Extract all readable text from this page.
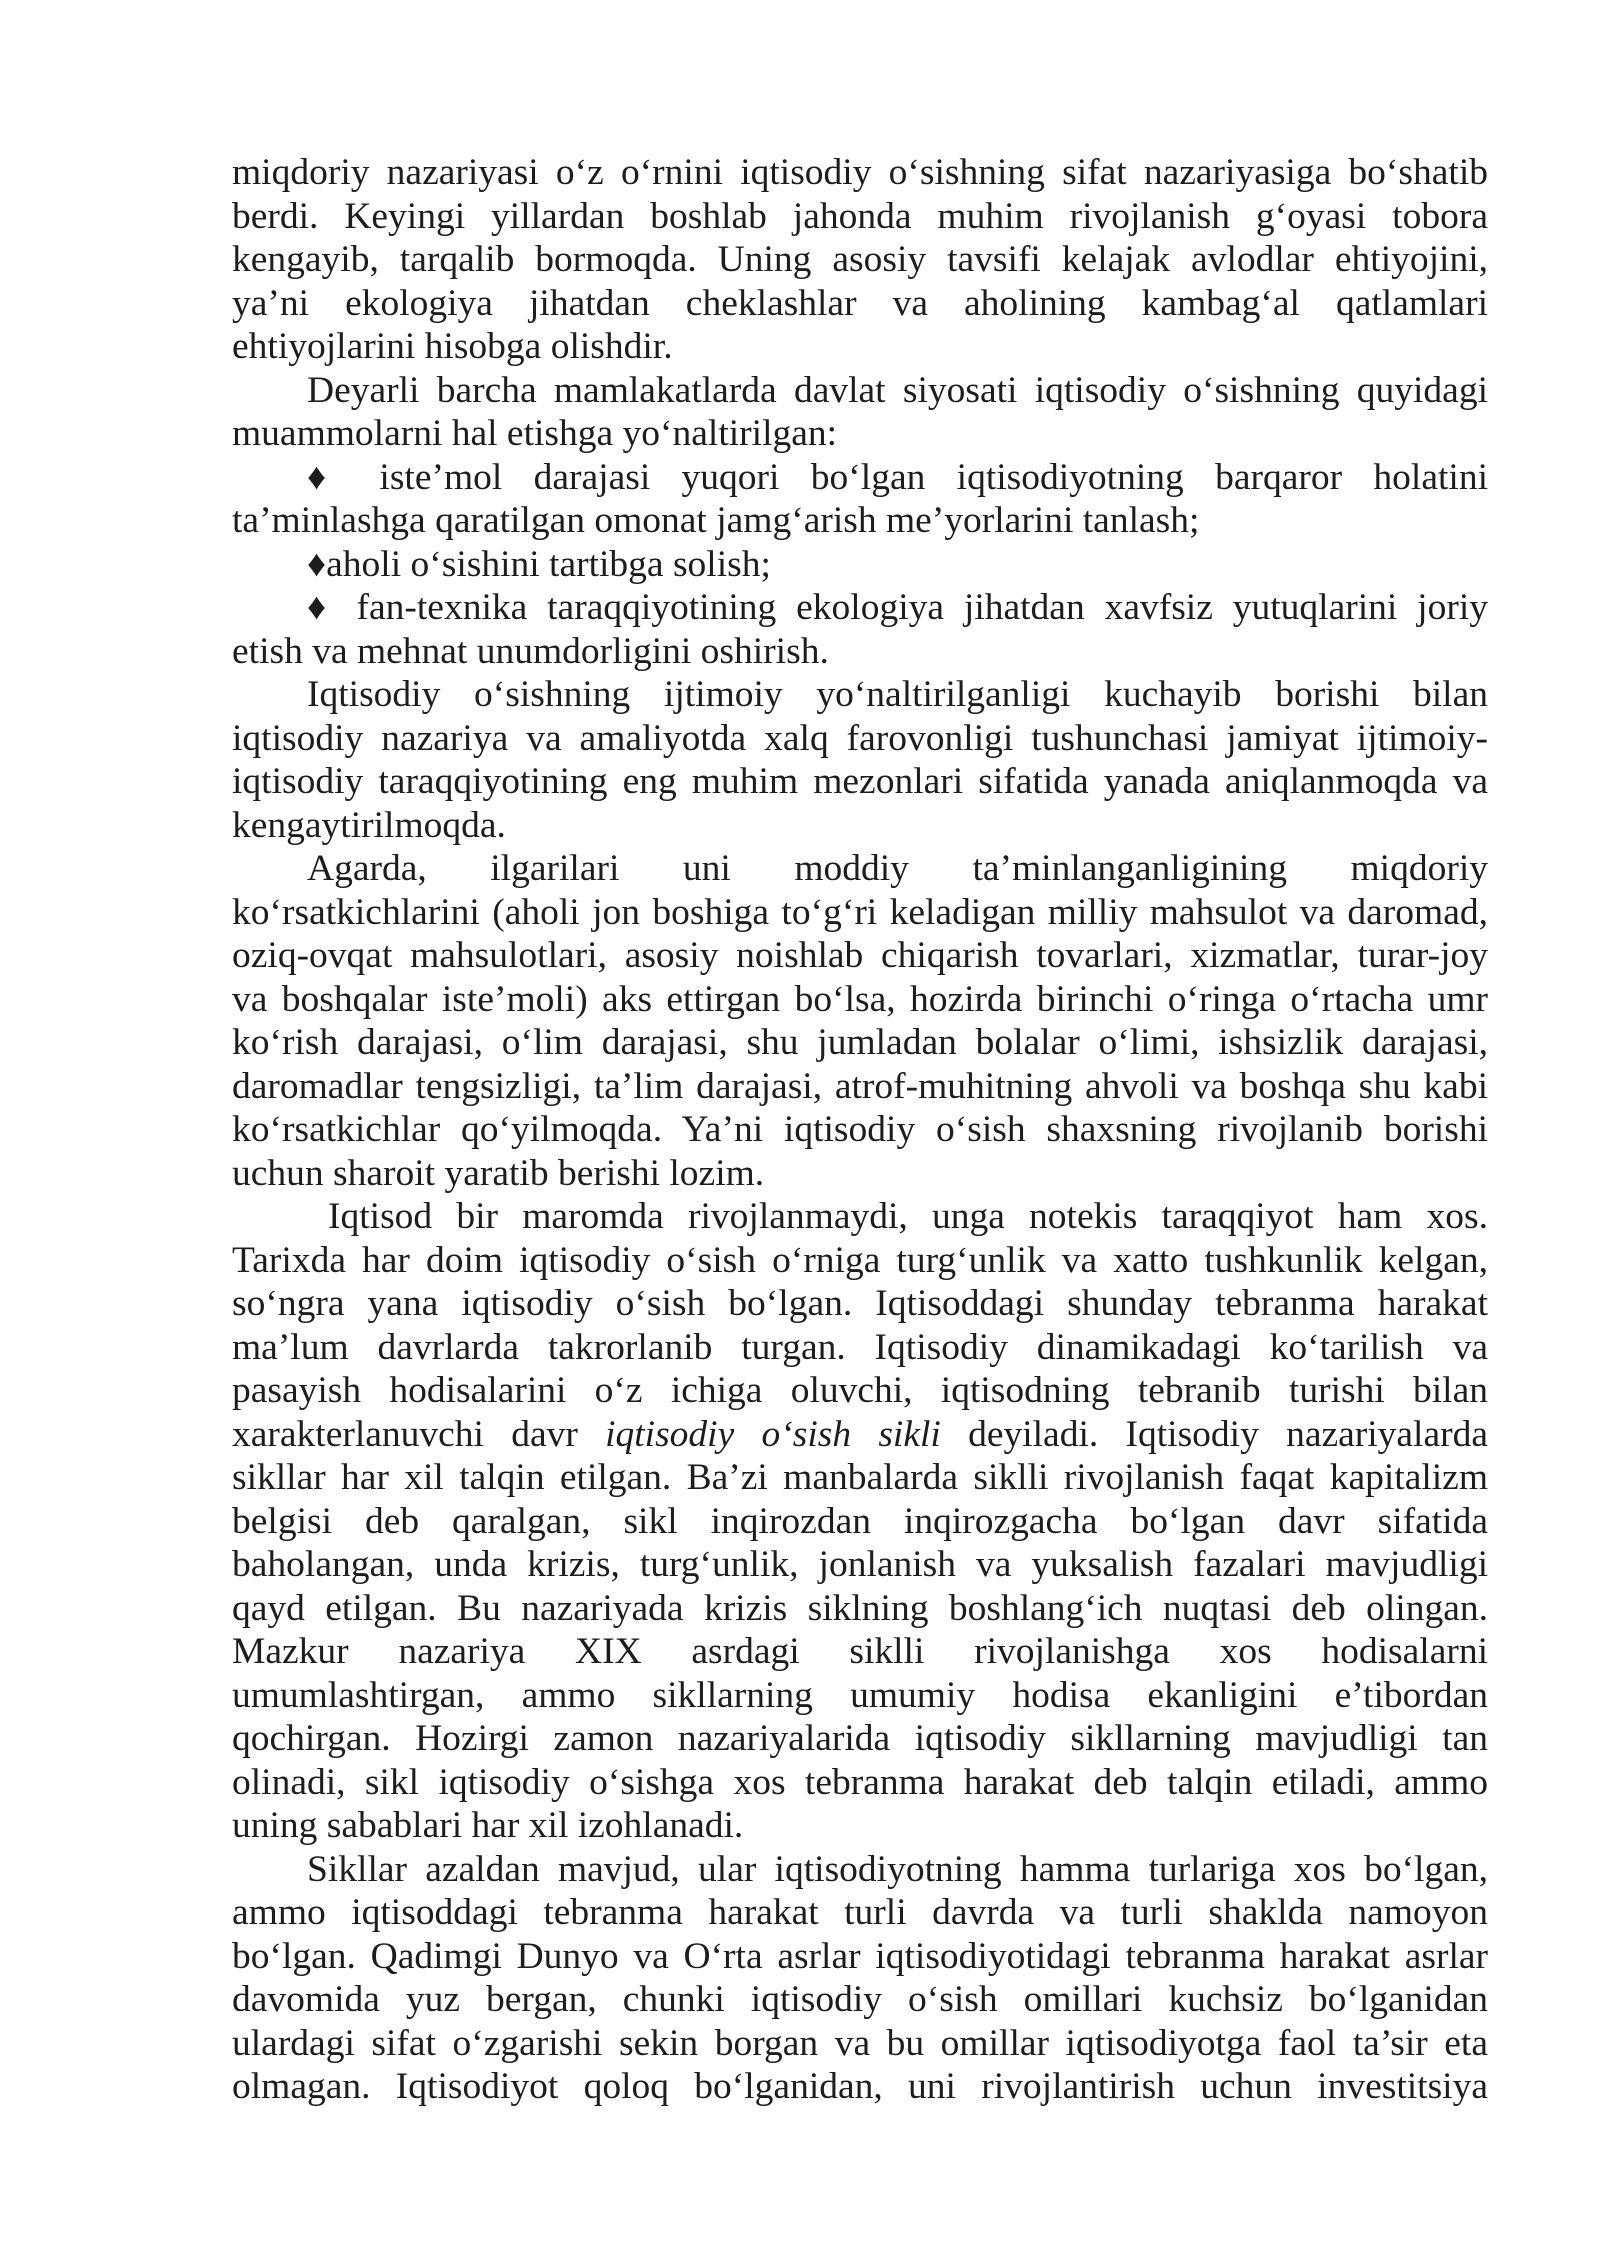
miqdoriy nazariyasi o‘z o‘rnini iqtisodiy o‘sishning sifat nazariyasiga bo‘shatib
berdi. Keyingi yillardan boshlab jahonda muhim rivojlanish g‘oyasi tobora
kengayib, tarqalib bormoqda. Uning asosiy tavsifi kelajak avlodlar ehtiyojini,
ya’ni ekologiya jihatdan cheklashlar va aholining kambag‘al qatlamlari
ehtiyojlarini hisobga olishdir.
Deyarli barcha mamlakatlarda davlat siyosati iqtisodiy o‘sishning quyidagi
muammolarni hal etishga yo‘naltirilgan:
♦ iste’mol darajasi yuqori bo‘lgan iqtisodiyotning barqaror holatini
ta’minlashga qaratilgan omonat jamg‘arish me’yorlarini tanlash;
♦aholi o‘sishini tartibga solish;
♦ fan-texnika taraqqiyotining ekologiya jihatdan xavfsiz yutuqlarini joriy
etish va mehnat unumdorligini oshirish.
Iqtisodiy o‘sishning ijtimoiy yo‘naltirilganligi kuchayib borishi bilan
iqtisodiy nazariya va amaliyotda xalq farovonligi tushunchasi jamiyat ijtimoiy-
iqtisodiy taraqqiyotining eng muhim mezonlari sifatida yanada aniqlanmoqda va
kengaytirilmoqda.
Agarda, ilgarilari uni moddiy ta’minlanganligining miqdoriy
ko‘rsatkichlarini (aholi jon boshiga to‘g‘ri keladigan milliy mahsulot va daromad,
oziq-ovqat mahsulotlari, asosiy noishlab chiqarish tovarlari, xizmatlar, turar-joy
va boshqalar iste’moli) aks ettirgan bo‘lsa, hozirda birinchi o‘ringa o‘rtacha umr
ko‘rish darajasi, o‘lim darajasi, shu jumladan bolalar o‘limi, ishsizlik darajasi,
daromadlar tengsizligi, ta’lim darajasi, atrof-muhitning ahvoli va boshqa shu kabi
ko‘rsatkichlar qo‘yilmoqda. Ya’ni iqtisodiy o‘sish shaxsning rivojlanib borishi
uchun sharoit yaratib berishi lozim.
Iqtisod bir maromda rivojlanmaydi, unga notekis taraqqiyot ham xos.
Tarixda har doim iqtisodiy o‘sish o‘rniga turg‘unlik va xatto tushkunlik kelgan,
so‘ngra yana iqtisodiy o‘sish bo‘lgan. Iqtisoddagi shunday tebranma harakat
ma’lum davrlarda takrorlanib turgan. Iqtisodiy dinamikadagi ko‘tarilish va
pasayish hodisalarini o‘z ichiga oluvchi, iqtisodning tebranib turishi bilan
xarakterlanuvchi davr iqtisodiy o‘sish sikli deyiladi. Iqtisodiy nazariyalarda
sikllar har xil talqin etilgan. Ba’zi manbalarda siklli rivojlanish faqat kapitalizm
belgisi deb qaralgan, sikl inqirozdan inqirozgacha bo‘lgan davr sifatida
baholangan, unda krizis, turg‘unlik, jonlanish va yuksalish fazalari mavjudligi
qayd etilgan. Bu nazariyada krizis siklning boshlang‘ich nuqtasi deb olingan.
Mazkur nazariya XIX asrdagi siklli rivojlanishga xos hodisalarni
umumlashtirgan, ammo sikllarning umumiy hodisa ekanligini e’tibordan
qochirgan. Hozirgi zamon nazariyalarida iqtisodiy sikllarning mavjudligi tan
olinadi, sikl iqtisodiy o‘sishga xos tebranma harakat deb talqin etiladi, ammo
uning sabablari har xil izohlanadi.
Sikllar azaldan mavjud, ular iqtisodiyotning hamma turlariga xos bo‘lgan,
ammo iqtisoddagi tebranma harakat turli davrda va turli shaklda namoyon
bo‘lgan. Qadimgi Dunyo va O‘rta asrlar iqtisodiyotidagi tebranma harakat asrlar
davomida yuz bergan, chunki iqtisodiy o‘sish omillari kuchsiz bo‘lganidan
ulardagi sifat o‘zgarishi sekin borgan va bu omillar iqtisodiyotga faol ta’sir eta
olmagan. Iqtisodiyot qoloq bo‘lganidan, uni rivojlantirish uchun investitsiya
